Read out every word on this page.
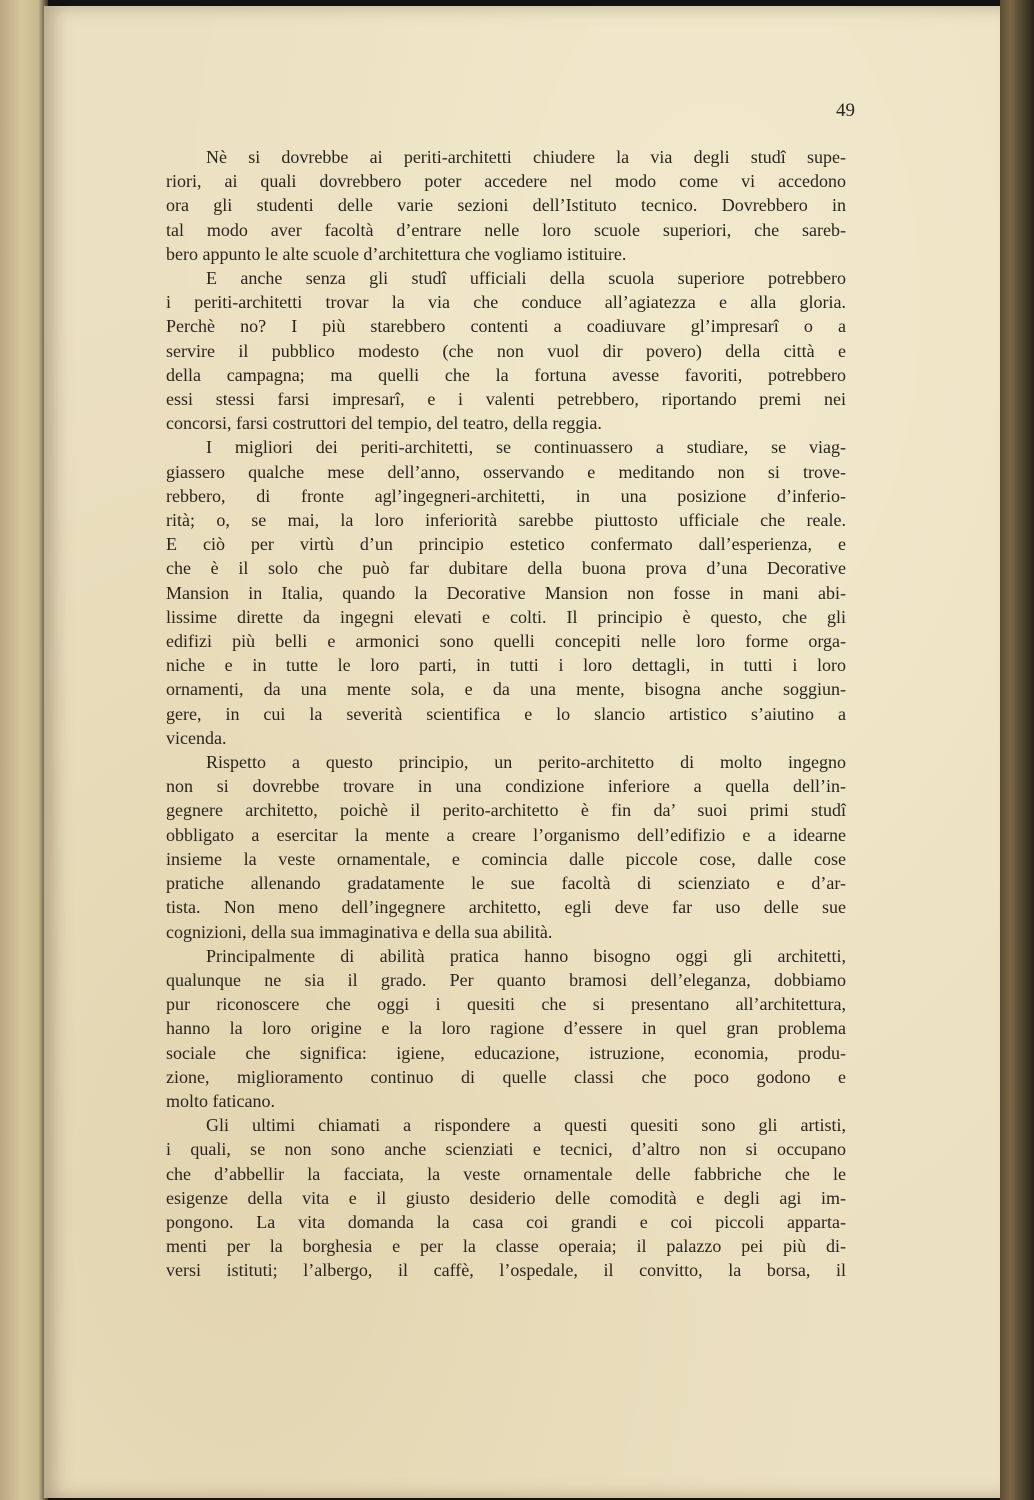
49
Nè si dovrebbe ai periti-architetti chiudere la via degli studî supe-
riori, ai quali dovrebbero poter accedere nel modo come vi accedono
ora gli studenti delle varie sezioni dell’Istituto tecnico. Dovrebbero in
tal modo aver facoltà d’entrare nelle loro scuole superiori, che sareb-
bero appunto le alte scuole d’architettura che vogliamo istituire.
E anche senza gli studî ufficiali della scuola superiore potrebbero
i periti-architetti trovar la via che conduce all’agiatezza e alla gloria.
Perchè no? I più starebbero contenti a coadiuvare gl’impresarî o a
servire il pubblico modesto (che non vuol dir povero) della città e
della campagna; ma quelli che la fortuna avesse favoriti, potrebbero
essi stessi farsi impresarî, e i valenti petrebbero, riportando premi nei
concorsi, farsi costruttori del tempio, del teatro, della reggia.
I migliori dei periti-architetti, se continuassero a studiare, se viag-
giassero qualche mese dell’anno, osservando e meditando non si trove-
rebbero, di fronte agl’ingegneri-architetti, in una posizione d’inferio-
rità; o, se mai, la loro inferiorità sarebbe piuttosto ufficiale che reale.
E ciò per virtù d’un principio estetico confermato dall’esperienza, e
che è il solo che può far dubitare della buona prova d’una Decorative
Mansion in Italia, quando la Decorative Mansion non fosse in mani abi-
lissime dirette da ingegni elevati e colti. Il principio è questo, che gli
edifizi più belli e armonici sono quelli concepiti nelle loro forme orga-
niche e in tutte le loro parti, in tutti i loro dettagli, in tutti i loro
ornamenti, da una mente sola, e da una mente, bisogna anche soggiun-
gere, in cui la severità scientifica e lo slancio artistico s’aiutino a
vicenda.
Rispetto a questo principio, un perito-architetto di molto ingegno
non si dovrebbe trovare in una condizione inferiore a quella dell’in-
gegnere architetto, poichè il perito-architetto è fin da’ suoi primi studî
obbligato a esercitar la mente a creare l’organismo dell’edifizio e a idearne
insieme la veste ornamentale, e comincia dalle piccole cose, dalle cose
pratiche allenando gradatamente le sue facoltà di scienziato e d’ar-
tista. Non meno dell’ingegnere architetto, egli deve far uso delle sue
cognizioni, della sua immaginativa e della sua abilità.
Principalmente di abilità pratica hanno bisogno oggi gli architetti,
qualunque ne sia il grado. Per quanto bramosi dell’eleganza, dobbiamo
pur riconoscere che oggi i quesiti che si presentano all’architettura,
hanno la loro origine e la loro ragione d’essere in quel gran problema
sociale che significa: igiene, educazione, istruzione, economia, produ-
zione, miglioramento continuo di quelle classi che poco godono e
molto faticano.
Gli ultimi chiamati a rispondere a questi quesiti sono gli artisti,
i quali, se non sono anche scienziati e tecnici, d’altro non si occupano
che d’abbellir la facciata, la veste ornamentale delle fabbriche che le
esigenze della vita e il giusto desiderio delle comodità e degli agi im-
pongono. La vita domanda la casa coi grandi e coi piccoli apparta-
menti per la borghesia e per la classe operaia; il palazzo pei più di-
versi istituti; l’albergo, il caffè, l’ospedale, il convitto, la borsa, il
